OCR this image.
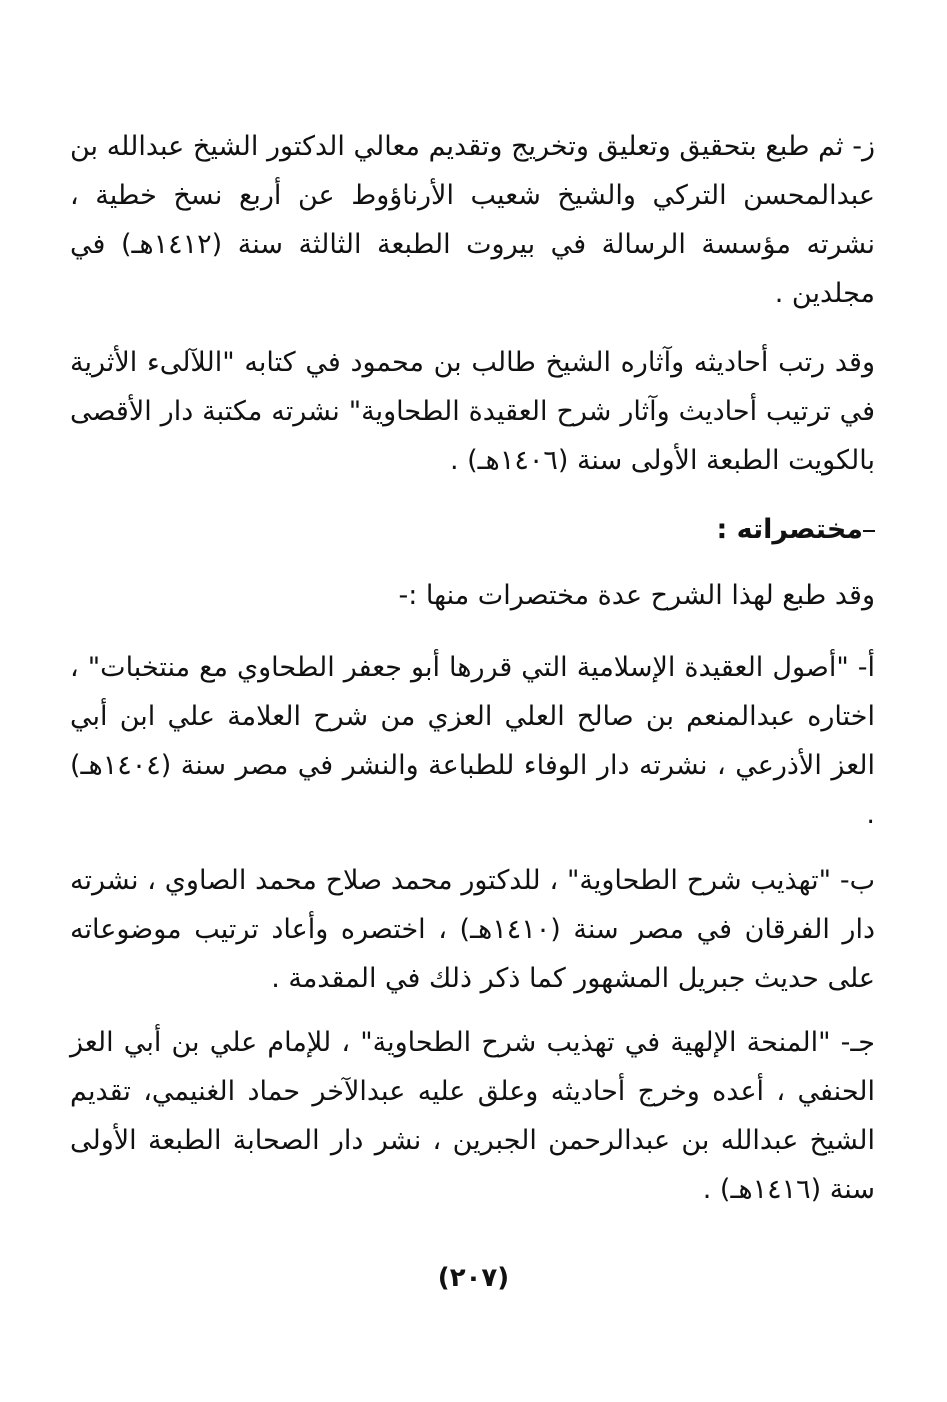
ز- ثم طبع بتحقيق وتعليق وتخريج وتقديم معالي الدكتور الشيخ عبدالله بن عبدالمحسن التركي والشيخ شعيب الأرناؤوط عن أربع نسخ خطية ، نشرته مؤسسة الرسالة في بيروت الطبعة الثالثة سنة (١٤١٢هـ) في مجلدين .

وقد رتب أحاديثه وآثاره الشيخ طالب بن محمود في كتابه "اللآلىء الأثرية في ترتيب أحاديث وآثار شرح العقيدة الطحاوية" نشرته مكتبة دار الأقصى بالكويت الطبعة الأولى سنة (١٤٠٦هـ) .

مختصراته :

وقد طبع لهذا الشرح عدة مختصرات منها :-

أ- "أصول العقيدة الإسلامية التي قررها أبو جعفر الطحاوي مع منتخبات" ، اختاره عبدالمنعم بن صالح العلي العزي من شرح العلامة علي ابن أبي العز الأذرعي ، نشرته دار الوفاء للطباعة والنشر في مصر سنة (١٤٠٤هـ) .

ب- "تهذيب شرح الطحاوية" ، للدكتور محمد صلاح محمد الصاوي ، نشرته دار الفرقان في مصر سنة (١٤١٠هـ) ، اختصره وأعاد ترتيب موضوعاته على حديث جبريل المشهور كما ذكر ذلك في المقدمة .

جـ- "المنحة الإلهية في تهذيب شرح الطحاوية" ، للإمام علي بن أبي العز الحنفي ، أعده وخرج أحاديثه وعلق عليه عبدالآخر حماد الغنيمي، تقديم الشيخ عبدالله بن عبدالرحمن الجبرين ، نشر دار الصحابة الطبعة الأولى سنة (١٤١٦هـ) .

(٢٠٧)
